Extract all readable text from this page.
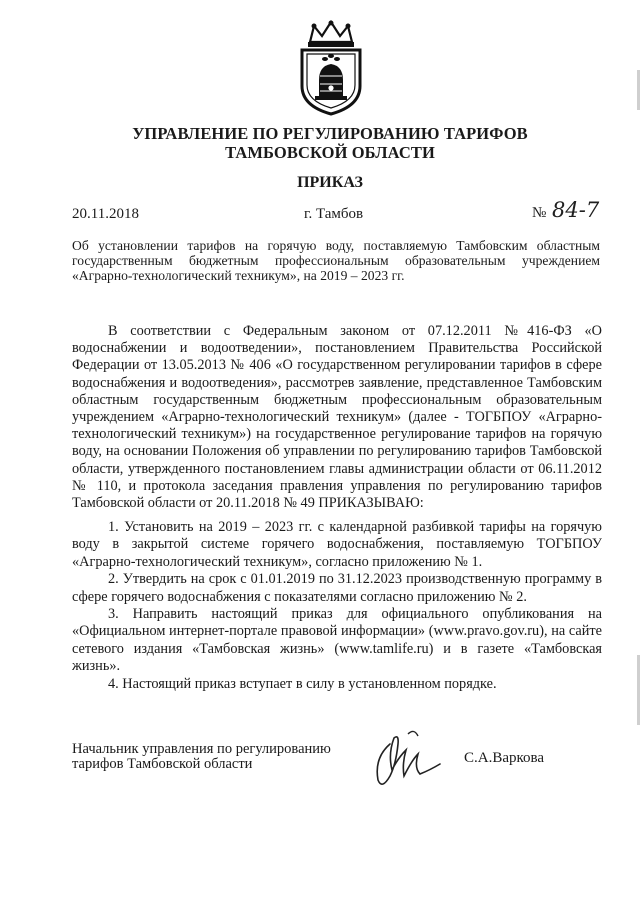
УПРАВЛЕНИЕ ПО РЕГУЛИРОВАНИЮ ТАРИФОВ
ТАМБОВСКОЙ ОБЛАСТИ
ПРИКАЗ
20.11.2018	г. Тамбов	№ 84-7
Об установлении тарифов на горячую воду, поставляемую Тамбовским областным государственным бюджетным профессиональным образовательным учреждением «Аграрно-технологический техникум», на 2019 – 2023 гг.

В соответствии с Федеральным законом от 07.12.2011 №416-ФЗ «О водоснабжении и водоотведении», постановлением Правительства Российской Федерации от 13.05.2013 № 406 «О государственном регулировании тарифов в сфере водоснабжения и водоотведения», рассмотрев заявление, представленное Тамбовским областным государственным бюджетным профессиональным образовательным учреждением «Аграрно-технологический техникум» (далее - ТОГБПОУ «Аграрно-технологический техникум») на государственное регулирование тарифов на горячую воду, на основании Положения об управлении по регулированию тарифов Тамбовской области, утвержденного постановлением главы администрации области от 06.11.2012 № 110, и протокола заседания правления управления по регулированию тарифов Тамбовской области от 20.11.2018 № 49 ПРИКАЗЫВАЮ:

1. Установить на 2019 – 2023 гг. с календарной разбивкой тарифы на горячую воду в закрытой системе горячего водоснабжения, поставляемую ТОГБПОУ «Аграрно-технологический техникум», согласно приложению № 1.

2. Утвердить на срок с 01.01.2019 по 31.12.2023 производственную программу в сфере горячего водоснабжения с показателями согласно приложению № 2.

3. Направить настоящий приказ для официального опубликования на «Официальном интернет-портале правовой информации» (www.pravo.gov.ru), на сайте сетевого издания «Тамбовская жизнь» (www.tamlife.ru) и в газете «Тамбовская жизнь».

4. Настоящий приказ вступает в силу в установленном порядке.

Начальник управления по регулированию
тарифов Тамбовской области	С.А.Варкова
